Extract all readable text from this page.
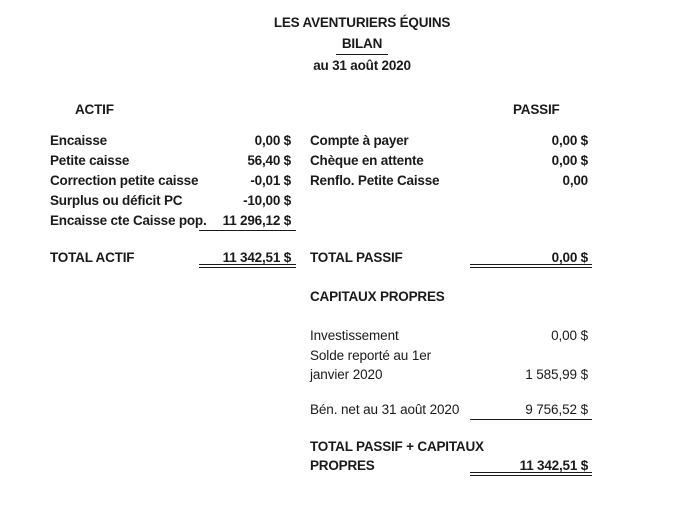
LES AVENTURIERS ÉQUINS
BILAN
au 31 août 2020
ACTIF	PASSIF
Encaisse	0,00 $
Petite caisse	56,40 $
Correction petite caisse	-0,01 $
Surplus ou déficit PC	-10,00 $
Encaisse cte Caisse pop.	11 296,12 $
TOTAL ACTIF	11 342,51 $
Compte à payer	0,00 $
Chèque en attente	0,00 $
Renflo. Petite Caisse	0,00
TOTAL PASSIF	0,00 $
CAPITAUX PROPRES
Investissement	0,00 $
Solde reporté au 1er
janvier 2020	1 585,99 $
Bén. net au 31 août 2020	9 756,52 $
TOTAL PASSIF + CAPITAUX
PROPRES	11 342,51 $
